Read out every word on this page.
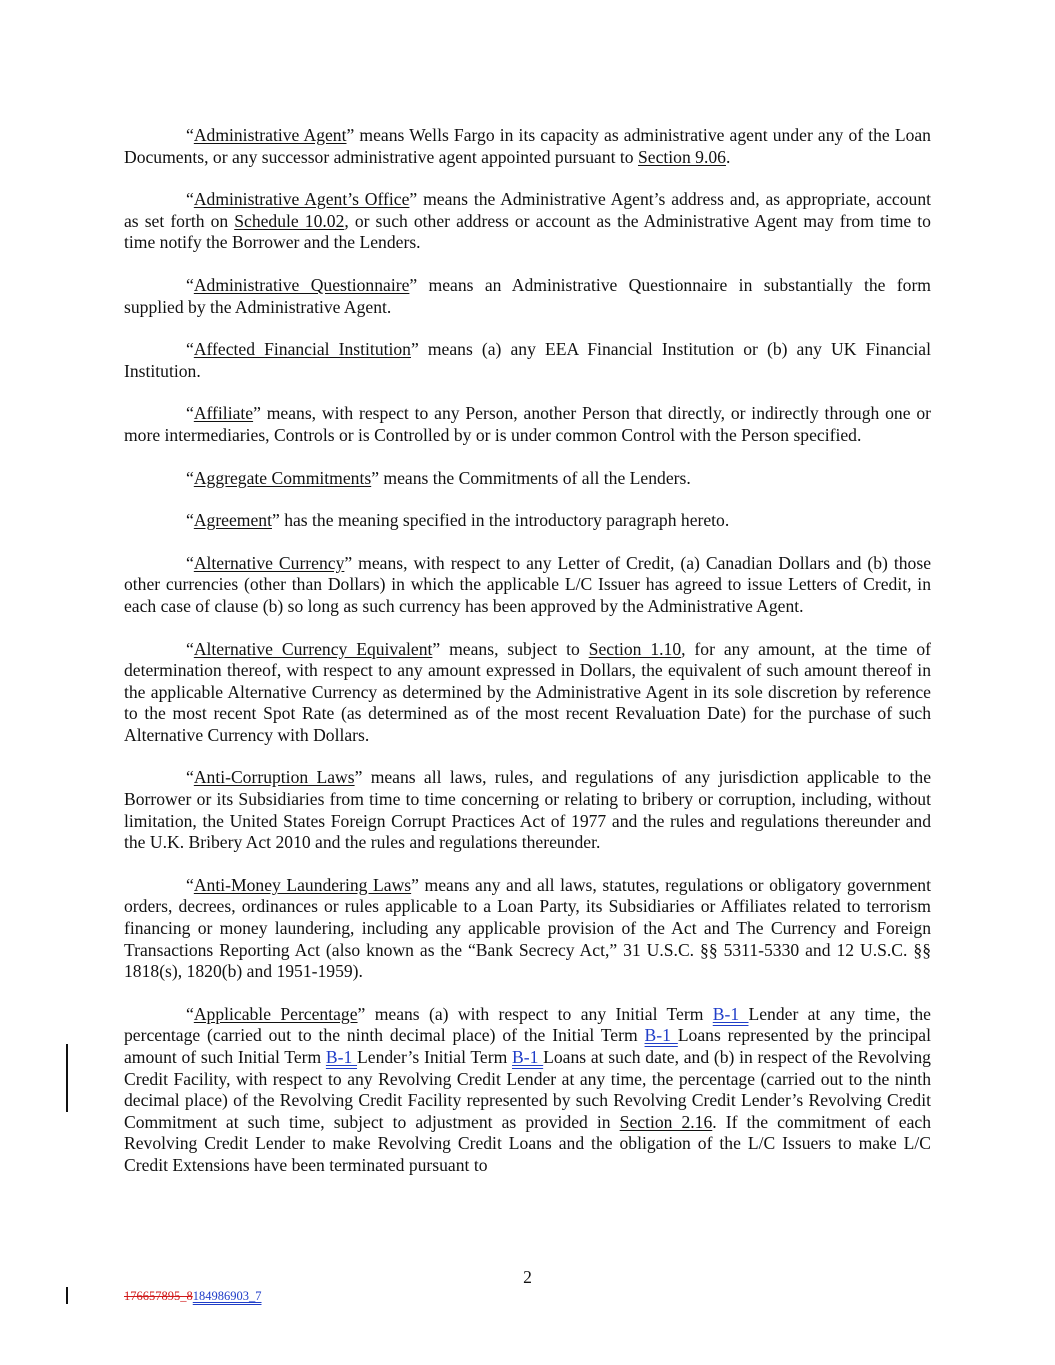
“Administrative Agent” means Wells Fargo in its capacity as administrative agent under any of the Loan Documents, or any successor administrative agent appointed pursuant to Section 9.06.

“Administrative Agent’s Office” means the Administrative Agent’s address and, as appropriate, account as set forth on Schedule 10.02, or such other address or account as the Administrative Agent may from time to time notify the Borrower and the Lenders.

“Administrative Questionnaire” means an Administrative Questionnaire in substantially the form supplied by the Administrative Agent.

“Affected Financial Institution” means (a) any EEA Financial Institution or (b) any UK Financial Institution.

“Affiliate” means, with respect to any Person, another Person that directly, or indirectly through one or more intermediaries, Controls or is Controlled by or is under common Control with the Person specified.

“Aggregate Commitments” means the Commitments of all the Lenders.

“Agreement” has the meaning specified in the introductory paragraph hereto.

“Alternative Currency” means, with respect to any Letter of Credit, (a) Canadian Dollars and (b) those other currencies (other than Dollars) in which the applicable L/C Issuer has agreed to issue Letters of Credit, in each case of clause (b) so long as such currency has been approved by the Administrative Agent.

“Alternative Currency Equivalent” means, subject to Section 1.10, for any amount, at the time of determination thereof, with respect to any amount expressed in Dollars, the equivalent of such amount thereof in the applicable Alternative Currency as determined by the Administrative Agent in its sole discretion by reference to the most recent Spot Rate (as determined as of the most recent Revaluation Date) for the purchase of such Alternative Currency with Dollars.

“Anti-Corruption Laws” means all laws, rules, and regulations of any jurisdiction applicable to the Borrower or its Subsidiaries from time to time concerning or relating to bribery or corruption, including, without limitation, the United States Foreign Corrupt Practices Act of 1977 and the rules and regulations thereunder and the U.K. Bribery Act 2010 and the rules and regulations thereunder.

“Anti-Money Laundering Laws” means any and all laws, statutes, regulations or obligatory government orders, decrees, ordinances or rules applicable to a Loan Party, its Subsidiaries or Affiliates related to terrorism financing or money laundering, including any applicable provision of the Act and The Currency and Foreign Transactions Reporting Act (also known as the “Bank Secrecy Act,” 31 U.S.C. §§ 5311-5330 and 12 U.S.C. §§ 1818(s), 1820(b) and 1951-1959).

“Applicable Percentage” means (a) with respect to any Initial Term B-1 Lender at any time, the percentage (carried out to the ninth decimal place) of the Initial Term B-1 Loans represented by the principal amount of such Initial Term B-1 Lender’s Initial Term B-1 Loans at such date, and (b) in respect of the Revolving Credit Facility, with respect to any Revolving Credit Lender at any time, the percentage (carried out to the ninth decimal place) of the Revolving Credit Facility represented by such Revolving Credit Lender’s Revolving Credit Commitment at such time, subject to adjustment as provided in Section 2.16. If the commitment of each Revolving Credit Lender to make Revolving Credit Loans and the obligation of the L/C Issuers to make L/C Credit Extensions have been terminated pursuant to

2
176657895_8184986903_7
